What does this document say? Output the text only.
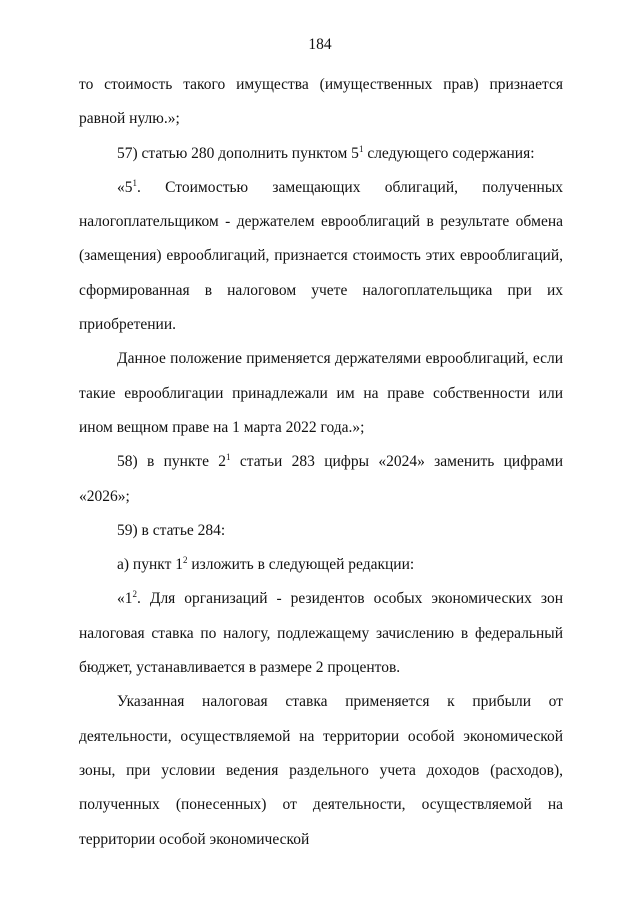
184

то стоимость такого имущества (имущественных прав) признается равной нулю.»;

57) статью 280 дополнить пунктом $5^1$ следующего содержания:

«$5^1$. Стоимостью замещающих облигаций, полученных налогоплательщиком - держателем еврооблигаций в результате обмена (замещения) еврооблигаций, признается стоимость этих еврооблигаций, сформированная в налоговом учете налогоплательщика при их приобретении.

Данное положение применяется держателями еврооблигаций, если такие еврооблигации принадлежали им на праве собственности или ином вещном праве на 1 марта 2022 года.»;

58) в пункте $2^1$ статьи 283 цифры «2024» заменить цифрами «2026»;

59) в статье 284:

а) пункт $1^2$ изложить в следующей редакции:

«$1^2$. Для организаций - резидентов особых экономических зон налоговая ставка по налогу, подлежащему зачислению в федеральный бюджет, устанавливается в размере 2 процентов.

Указанная налоговая ставка применяется к прибыли от деятельности, осуществляемой на территории особой экономической зоны, при условии ведения раздельного учета доходов (расходов), полученных (понесенных) от деятельности, осуществляемой на территории особой экономической
